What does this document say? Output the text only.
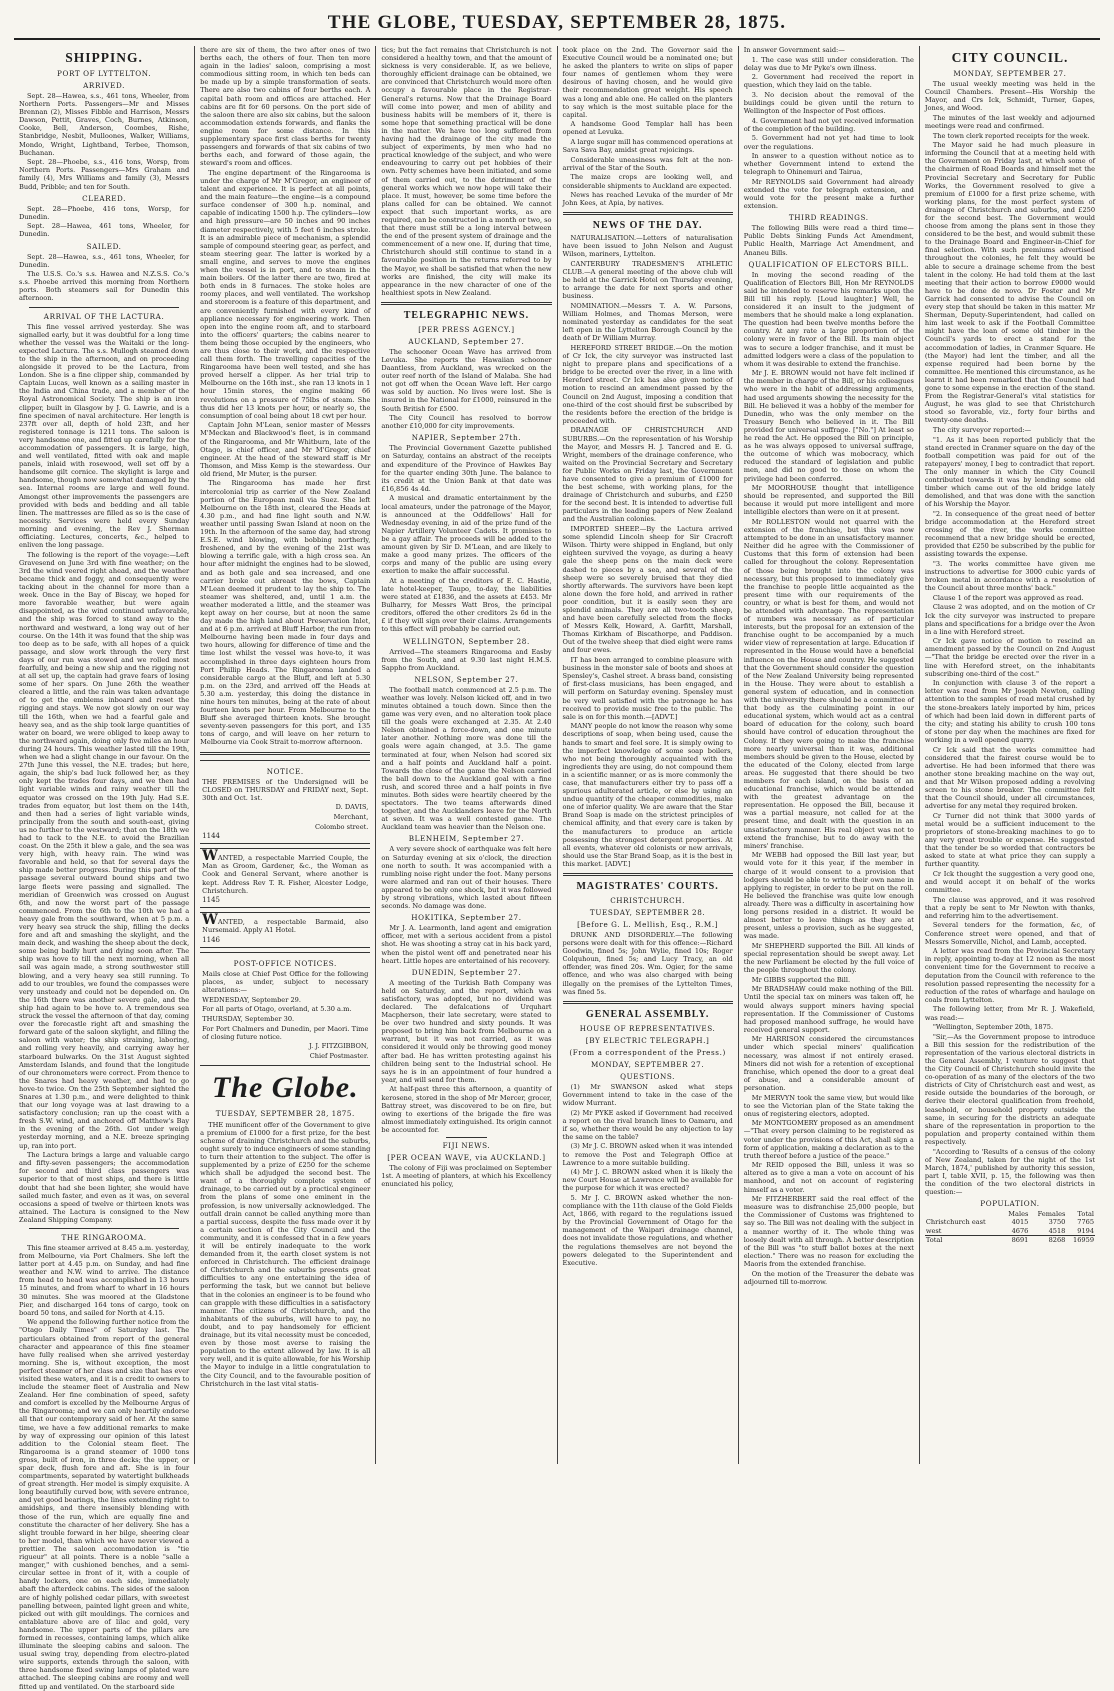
THE GLOBE, TUESDAY, SEPTEMBER 28, 1875.
SHIPPING.
PORT OF LYTTELTON.
ARRIVED.

Sept. 28—Hawea, s.s., 461 tons, Wheeler, from Northern Ports. Passengers—Mr and Misses Brennan (2), Misses Fibble and Harrison, Messrs Dawson, Pettit, Graves, Coch, Burnes, Atkinson, Cooke, Bell, Anderson, Coombes, Rishe, Stanbridge, Nesbit, Mulloones, Walker, Williams, Mondo, Wright, Lightband, Terbee, Thomson, Buchanan.

Sept. 28—Phoebe, s.s., 416 tons, Worsp, from Northern Ports. Passengers—Mrs Graham and family (4), Mrs Williams and family (3), Messrs Budd, Pribble; and ten for South.

CLEARED.

Sept. 28—Phoebe, 416 tons, Worsp, for Dunedin.

Sept. 28—Hawea, 461 tons, Wheeler, for Dunedin.

SAILED.

Sept. 28—Hawea, s.s., 461 tons, Wheeler, for Dunedin.

The U.S.S. Co.'s s.s. Hawea and N.Z.S.S. Co.'s s.s. Phoebe arrived this morning from Northern ports. Both steamers sail for Dunedin this afternoon.

ARRIVAL OF THE LACTURA.

This fine vessel arrived yesterday. She was signalled early, but it was doubtful for a long time whether the vessel was the Waitaki or the long-expected Lactura. The s.s. Mullogh steamed down to the ship in the afternoon, and on proceeding alongside it proved to be the Lactura, from London. She is a fine clipper ship, commanded by Captain Lucas, well known as a sailing master in the India and China trade, and a member of the Royal Astronomical Society. The ship is an iron clipper, built in Glasgow by J. G. Lawrie, and is a fine specimen of naval architecture. Her length is 237ft over all, depth of hold 23ft, and her registered tonnage is 1211 tons. The saloon is very handsome one, and fitted up carefully for the accommodation of passengers. It is large, high, and well ventilated, fitted with oak and maple panels, inlaid with rosewood, well set off by a handsome gilt cornice. The skylight is large and handsome, though now somewhat damaged by the sea. Internal rooms are large and well found. Amongst other improvements the passengers are provided with beds and bedding and all table linen. The mattresses are filled as so is the case of necessity. Services were held every Sunday morning and evening, the Rev J. Sherman officiating. Lectures, concerts, &c., helped to enliven the long passage.

The following is the report of the voyage:—Left Gravesend on June 3rd with fine weather; on the 3rd the wind veered right ahead, and the weather became thick and foggy, and consequently were tacking about in the channel for more than a week. Once in the Bay of Biscay, we hoped for more favorable weather, but were again disappointed, as the wind continued unfavorable, and the ship was forced to stand away to the northward and westward, a long way out of her course. On the 14th it was found that the ship was too deep as to be safe, with all hopes of a quick passage, and slow work through the very first days of our run was stowed and we rolled most fearfully, and being a new ship and the rigging not at all set up, the captain had grave fears of losing some of her spars. On June 26th the weather cleared a little, and the rain was taken advantage of to get the emblems inboard and reset the rigging and stays. We now got slowly on our way till the 16th, when we had a fearful gale and heavy sea, and as the ship took large quantities of water on board, we were obliged to keep away to the northward again, doing only five miles an hour during 24 hours. This weather lasted till the 19th, when we had a slight change in our favour. On the 27th June this vessel, the N.E. trades; but here, again, the ship's bad luck followed her, as they only kept the trades four days, and we then had light variable winds and rainy weather till the equator was crossed on the 19th July. Had S.E. trades from equator, but lost them on the 14th, and then had a series of light variable winds, principally from the south and south-east, giving us no further to the westward; that on the 18th we had to tack to the N.E. to avoid the Brazilian coast. On the 25th it blew a gale, and the sea was very high, with heavy rain. The wind was favorable and held, so that for several days the ship made better progress. During this part of the passage several outward bound ships and two large fleets were passing and signalled. The meridian of Greenwich was crossed on August 6th, and now the worst part of the passage commenced. From the 6th to the 10th we had a heavy gale from the southward, when at 5 p.m. a very heavy sea struck the ship, filling the decks fore and aft and smashing the skylight, and the main deck, and washing the sheep about the deck, some being badly hurt and dying soon after. The ship was hove to till the next morning, when all sail was again made, a strong southwester still blowing, and a very heavy sea still running. To add to our troubles, we found the compasses were very unsteady and could not be depended on. On the 16th there was another severe gale, and the ship had again to be hove to. A tremendous sea struck the vessel the afternoon of that day, coming over the forecastle right aft and smashing the forward gate of the saloon skylight, and filling the saloon with water; the ship straining, laboring, and rolling very heavily, and carrying away her starboard bulwarks. On the 31st August sighted Amsterdam Islands, and found that the longitude of our chronometers were correct. From thence to the Snares had heavy weather, and had to go hove-to twice. On the 25th September sighted the Snares at 1.30 p.m., and were delighted to think that our long voyage was at last drawing to a satisfactory conclusion; ran up the coast with a fresh S.W. wind, and anchored off Matthew's Bay in the evening of the 26th. Got under weigh yesterday morning, and a N.E. breeze springing up, ran into port.

The Lactura brings a large and valuable cargo and fifty-seven passengers; the accommodation for second and third class passengers was superior to that of most ships, and there is little doubt that had she been lighter, she would have sailed much faster, and even as it was, on several occasions a speed of twelve or thirteen knots was attained. The Lactura is consigned to the New Zealand Shipping Company.

THE RINGAROOMA.

This fine steamer arrived at 8.45 a.m. yesterday, from Melbourne, via Port Chalmers. She left the latter port at 4.45 p.m. on Sunday, and had fine weather and N.W. wind to arrive. The distance from head to head was accomplished in 13 hours 15 minutes, and from wharf to wharf in 16 hours 30 minutes. She was moored at the Gladstone Pier, and discharged 164 tons of cargo, took on board 50 tons, and sailed for North at 4.15.

We append the following further notice from the "Otago Daily Times" of Saturday last. The particulars obtained from report of the general character and appearance of this fine steamer have fully realised when she arrived yesterday morning. She is, without exception, the most perfect steamer of her class and size that has ever visited these waters, and it is a credit to owners to include the steamer fleet of Australia and New Zealand. Her fine combination of speed, safety and comfort is excelled by the Melbourne Argus of the Ringarooma; and we can only heartily endorse all that our contemporary said of her. At the same time, we have a few additional remarks to make by way of expressing our opinion of this latest addition to the Colonial steam fleet. The Ringarooma is a grand steamer of 1000 tons gross, built of iron, in three decks; the upper, or spar deck, flush fore and aft. She is in four compartments, separated by watertight bulkheads of great strength. Her model is simply exquisite. A long beautifully curved bow, with severe entrance, and yet good bearings, the lines extending right to amidships, and there insensibly blending with those of the run, which are equally fine and constitute the character of her delivery. She has a slight trouble forward in her bilge, sheering clear to her model, than which we have never viewed a prettier. The saloon accommodation is "tie rigueur" at all points. There is a noble "salle a manger," with cushioned benches, and a semi-circular settee in front of it, with a couple of handy lockers, one on each side, immediately abaft the afterdeck cabins. The sides of the saloon are of highly polished cedar pillars, with sweetest panelling between, painted light green and white, picked out with gilt mouldings. The cornices and entablature above are of lilac and gold, very handsome. The upper parts of the pillars are formed in recesses, containing lamps, which alike illuminate the sleeping cabins and saloon. The usual swing tray, depending from electro-plated wire supports, extends through the saloon, with three handsome fixed swing lamps of plated ware attached. The sleeping cabins are roomy and well fitted up and ventilated. On the starboard side

there are six of them, the two after ones of two berths each, the others of four. Then ten more again in the ladies' saloon, comprising a most commodious sitting room, in which ten beds can be made up by a simple transformation of seats. There are also two cabins of four berths each. A capital bath room and offices are attached. Her cabins are fit for 60 persons. On the port side of the saloon there are also six cabins, but the saloon accommodation extends forwards, and flanks the engine room for some distance. In this supplementary space first class berths for twenty passengers and forwards of that six cabins of two berths each, and forward of those again, the steward's room and offices.

The engine department of the Ringarooma is under the charge of Mr M'Gregor, an engineer of talent and experience. It is perfect at all points, and the main feature—the engine—is a compound surface condenser of 300 h.p. nominal, and capable of indicating 1500 h.p. The cylinders—low and high pressure—are 50 inches and 90 inches diameter respectively, with 5 feet 6 inches stroke. It is an admirable piece of mechanism, a splendid sample of compound steering gear, as perfect, and steam steering gear. The latter is worked by a small engine, and serves to move the engines when the vessel is in port, and to steam in the main boilers. Of the latter there are two, fired at both ends in 8 furnaces. The stoke holes are roomy places, and well ventilated. The workshop and storeroom is a feature of this department, and are conveniently furnished with every kind of appliance necessary for engineering work. Then open into the engine room aft, and to starboard into the officers' quarters; the cabins nearer to them being those occupied by the engineers, who are thus close to their work, and the respective call them forth. The travelling capacities of the Ringarooma have been well tested, and she has proved herself a clipper. As her trial trip to Melbourne on the 16th inst., she ran 13 knots in 1 hour 15min stores, the engine making 66 revolutions on a pressure of 75lbs of steam. She thus did her 13 knots per hour, or nearly so, the consumption of coal being about 18 cwt per hour.

Captain John M'Lean, senior master of Messrs M'Meckan and Blackwood's fleet, is in command of the Ringarooma, and Mr Whitburn, late of the Otago, is chief officer, and Mr M'Gregor, chief engineer. At the head of the steward staff is Mr Thomson, and Miss Kemp is the stewardess. Our old friend, Mr Muter, is the purser.

The Ringarooma has made her first intercolonial trip as carrier of the New Zealand portion of the European mail via Suez. She left Melbourne on the 18th inst, cleared the Heads at 4.30 p.m., and had fine light south and N.W. weather until passing Swan Island at noon on the 19th. In the afternoon of the same day, had strong E.S.E. wind blowing, with bobbing northerly, freshened, and by the evening of the 21st was blowing a terrific gale, with a high cross sea. An hour after midnight the engines had to be slowed, and as both gale and sea increased, and one carrier broke out abreast the bows, Captain M'Lean deemed it prudent to lay the ship to. The steamer was sheltered, and, until 1 a.m. the weather moderated a little, and the steamer was kept away on her course, but at noon the same day made the high land about Preservation Inlet, and at 6 p.m. arrived at Bluff Harbor, the run from Melbourne having been made in four days and two hours, allowing for difference of time and the time lost whilst the vessel was hove-to, it was accomplished in three days eighteen hours from Port Phillip Heads. The Ringarooma landed a considerable cargo at the Bluff, and left at 5.30 p.m. on the 23rd, and arrived off the Heads at 5.30 a.m. yesterday, this doing the distance in nine hours ten minutes, being at the rate of about fourteen knots per hour. From Melbourne to the Bluff she averaged thirteen knots. She brought seventy-seven passengers for this port, and 135 tons of cargo, and will leave on her return to Melbourne via Cook Strait to-morrow afternoon.

NOTICE.

THE PREMISES of the Undersigned will be CLOSED on THURSDAY and FRIDAY next, Sept. 30th and Oct. 1st.

D. DAVIS,

Merchant,

Colombo street.

1144

WANTED, a respectable Married Couple, the Man as Groom, Gardener, &c., the Woman as Cook and General Servant, where another is kept. Address Rev T. R. Fisher, Alcester Lodge, Christchurch.

1145

WANTED, a respectable Barmaid, also Nursemaid. Apply A1 Hotel.

1146
POST-OFFICE NOTICES.

Mails close at Chief Post Office for the following places, as under, subject to necessary alterations:—

WEDNESDAY, September 29.

For all parts of Otago, overland, at 5.30 a.m.

THURSDAY, September 30.

For Port Chalmers and Dunedin, per Maori. Time of closing future notice.

J. J. FITZGIBBON,

Chief Postmaster.

The Globe.
TUESDAY, SEPTEMBER 28, 1875.

THE munificent offer of the Government to give a premium of £1000 for a first prize, for the best scheme of draining Christchurch and the suburbs, ought surely to induce engineers of some standing to turn their attention to the subject. The offer is supplemented by a prize of £250 for the scheme which shall be adjudged the second best. The want of a thoroughly complete system of drainage, to be carried out by a practical engineer from the plans of some one eminent in the profession, is now universally acknowledged. The outfall drain cannot be called anything more than a partial success, despite the fuss made over it by a certain section of the City Council and the community, and it is confessed that in a few years it will be entirely inadequate to the work demanded from it, the earth closet system is not enforced in Christchurch. The efficient drainage of Christchurch and the suburbs presents great difficulties to any one entertaining the idea of performing the task, but we cannot but believe that in the colonies an engineer is to be found who can grapple with these difficulties in a satisfactory manner. The citizens of Christchurch, and the inhabitants of the suburbs, will have to pay, no doubt, and to pay handsomely for efficient drainage, but its vital necessity must be conceded, even by those most averse to raising the population to the extent allowed by law. It is all very well, and it is quite allowable, for his Worship the Mayor to indulge in a little congratulation to the City Council, and to the favourable position of Christchurch in the last vital statis-

tics; but the fact remains that Christchurch is not considered a healthy town, and that the amount of sickness is very considerable. If, as we believe, thoroughly efficient drainage can be obtained, we are convinced that Christchurch would more often occupy a favourable place in the Registrar-General's returns. Now that the Drainage Board will come into power, and men of ability and business habits will be members of it, there is some hope that something practical will be done in the matter. We have too long suffered from having had the drainage of the city made the subject of experiments, by men who had no practical knowledge of the subject, and who were endeavouring to carry out pet hobbies of their own. Petty schemes have been initiated, and some of them carried out, to the detriment of the general works which we now hope will take their place. It must, however, be some time before the plans called for can be obtained. We cannot expect that such important works, as are required, can be constructed in a month or two, so that there must still be a long interval between the end of the present system of drainage and the commencement of a new one. If, during that time, Christchurch should still continue to stand in a favourable position in the returns referred to by the Mayor, we shall be satisfied that when the new works are finished, the city will make its appearance in the new character of one of the healthiest spots in New Zealand.

TELEGRAPHIC NEWS.
[PER PRESS AGENCY.]
AUCKLAND, September 27.

The schooner Ocean Wave has arrived from Levuka. She reports the Hawaiian schooner Daantless, from Auckland, was wrecked on the outer reef north of the Island of Malaba. She had not got off when the Ocean Wave left. Her cargo was sold by auction. No lives were lost. She is insured in the National for £1000, reinsured in the South British for £500.

The City Council has resolved to borrow another £10,000 for city improvements.

NAPIER, September 27th.

The Provincial Government Gazette published on Saturday, contains an abstract of the receipts and expenditure of the Province of Hawkes Bay for the quarter ending 30th June. The balance to its credit at the Union Bank at that date was £16,856 4s 4d.

A musical and dramatic entertainment by the local amateurs, under the patronage of the Mayor, is announced at the Oddfellows' Hall for Wednesday evening, in aid of the prize fund of the Napier Artillery Volunteer Cadets. It promises to be a gay affair. The proceeds will be added to the amount given by Sir D. M'Lean, and are likely to make a good many prizes. The officers of the corps and many of the public are using every exertion to make the affair successful.

At a meeting of the creditors of E. C. Hastie, late hotel-keeper, Taupo, to-day, the liabilities were stated at £1836, and the assets at £453. Mr Bulharry, for Messrs Watt Bros, the principal creditors, offered the other creditors 2s 6d in the £ if they will sign over their claims. Arrangements to this effect will probably be carried out.

WELLINGTON, September 28.

Arrived—The steamers Ringarooma and Easby from the South, and at 9.30 last night H.M.S. Sappho from Auckland.

NELSON, September 27.

The football match commenced at 2.5 p.m. The weather was lovely. Nelson kicked off, and in two minutes obtained a touch down. Since then the game was very even, and no alteration took place till the goals were exchanged at 2.35. At 2.40 Nelson obtained a force-down, and one minute later another. Nothing more was done till the goals were again changed, at 3.5. The game terminated at four, when Nelson had scored six and a half points and Auckland half a point. Towards the close of the game the Nelson carried the ball down to the Auckland goal with a fine rush, and scored three and a half points in five minutes. Both sides were heartily cheered by the spectators. The two teams afterwards dined together, and the Aucklanders leave for the North at seven. It was a well contested game. The Auckland team was heavier than the Nelson one.

BLENHEIM, September 27.

A very severe shock of earthquake was felt here on Saturday evening at six o'clock, the direction one north to south. It was accompanied with a rumbling noise right under the foot. Many persons were alarmed and ran out of their houses. There appeared to be only one shock, but it was followed by strong vibrations, which lasted about fifteen seconds. No damage was done.

HOKITIKA, September 27.

Mr J. A. Learmonth, land agent and emigration officer, met with a serious accident from a pistol shot. He was shooting a stray cat in his back yard, when the pistol went off and penetrated near his heart. Little hopes are entertained of his recovery.

DUNEDIN, September 27.

A meeting of the Turkish Bath Company was held on Saturday, and the report, which was satisfactory, was adopted, but no dividend was declared. The defalcations of Urquhart Macpherson, their late secretary, were stated to be over two hundred and sixty pounds. It was proposed to bring him back from Melbourne on a warrant, but it was not carried, as it was considered it would only be throwing good money after bad. He has written protesting against his children being sent to the Industrial school. He says he is in an appointment of four hundred a year, and will send for them.

At half-past three this afternoon, a quantity of kerosene, stored in the shop of Mr Mercer, grocer, Battray street, was discovered to be on fire, but owing to exertions of the brigade the fire was almost immediately extinguished. Its origin cannot be accounted for.

FIJI NEWS.
[PER OCEAN WAVE, via AUCKLAND.]

The colony of Fiji was proclaimed on September 1st. A meeting of planters, at which his Excellency enunciated his policy,

took place on the 2nd. The Governor said the Executive Council would be a nominated one; but he asked the planters to write on slips of paper four names of gentlemen whom they were desirous of having chosen, and he would give their recommendation great weight. His speech was a long and able one. He called on the planters to say which is the most suitable place for the capital.

A handsome Good Templar hall has been opened at Levuka.

A large sugar mill has commenced operations at Sava Sava Bay, amidst great rejoicings.

Considerable uneasiness was felt at the non-arrival of the Star of the South.

The maize crops are looking well, and considerable shipments to Auckland are expected.

News has reached Levuka of the murder of Mr John Kees, at Apia, by natives.

NEWS OF THE DAY.

NATURALISATION.—Letters of naturalisation have been issued to John Nelson and August Wilson, mariners, Lyttelton.

CANTERBURY TRADESMEN'S ATHLETIC CLUB.—A general meeting of the above club will be held at the Garrick Hotel on Thursday evening, to arrange the date for next sports and other business.

NOMINATION.—Messrs T. A. W. Parsons, William Holmes, and Thomas Merson, were nominated yesterday as candidates for the seat left open in the Lyttelton Borough Council by the death of Dr William Murray.

HEREFORD STREET BRIDGE.—On the motion of Cr Ick, the city surveyor was instructed last night to prepare plans and specifications of a bridge to be erected over the river, in a line with Hereford street. Cr Ick has also given notice of motion to rescind an amendment passed by the Council on 2nd August, imposing a condition that one-third of the cost should first be subscribed by the residents before the erection of the bridge is proceeded with.

DRAINAGE OF CHRISTCHURCH AND SUBURBS.—On the representation of his Worship the Mayor, and Messrs H. J. Tancred and E. G. Wright, members of the drainage conference, who waited on the Provincial Secretary and Secretary for Public Works on Friday last, the Government have consented to give a premium of £1000 for the best scheme, with working plans, for the drainage of Christchurch and suburbs, and £250 for the second best. It is intended to advertise full particulars in the leading papers of New Zealand and the Australian colonies.

IMPORTED SHEEP.—By the Lactura arrived some splendid Lincoln sheep for Sir Cracroft Wilson. Thirty were shipped in England, but only eighteen survived the voyage, as during a heavy gale the sheep pens on the main deck were dashed to pieces by a sea, and several of the sheep were so severely bruised that they died shortly afterwards. The survivors have been kept alone down the fore hold, and arrived in rather poor condition, but it is easily seen they are splendid animals. They are all two-tooth sheep, and have been carefully selected from the flocks of Messrs Kelk, Howard, A. Garfitt, Marshall, Thomas Kirkham of Biscathorpe, and Paddison. Out of the twelve sheep that died eight were rams and four ewes.

IT has been arranged to combine pleasure with business in the monster sale of boots and shoes at Spensley's, Cashel street. A brass band, consisting of first-class musicians, has been engaged, and will perform on Saturday evening. Spensley must be very well satisfied with the patronage he has received to provide music free to the public. The sale is on for this month.—[ADVT.]

MANY people do not know the reason why some descriptions of soap, when being used, cause the hands to smart and feel sore. It is simply owing to the imperfect knowledge of some soap boilers, who not being thoroughly acquainted with the ingredients they are using, do not compound them in a scientific manner, or as is more commonly the case, that manufacturers either try to pass off a spurious adulterated article, or else by using an undue quantity of the cheaper commodities, make one of inferior quality. We are aware that the Star Brand Soap is made on the strictest principles of chemical affinity, and that every care is taken by the manufacturers to produce an article possessing the strongest detergent properties. At all events, whatever old colonists or new arrivals, should use the Star Brand Soap, as it is the best in this market. [ADVT.]

MAGISTRATES' COURTS.
CHRISTCHURCH.
TUESDAY, SEPTEMBER 28.
[Before G. L. Mellish, Esq., R.M.]

DRUNK AND DISORDERLY.—The following persons were dealt with for this offence:—Richard Goodwin, fined 5s; John Wylie, fined 10s; Roger Colquhoun, fined 5s; and Lucy Tracy, an old offender, was fined 20s. Wm. Ogier, for the same offence, and who was also charged with being illegally on the premises of the Lyttelton Times, was fined 5s.

GENERAL ASSEMBLY.
HOUSE OF REPRESENTATIVES.
[BY ELECTRIC TELEGRAPH.]
(From a correspondent of the Press.)
MONDAY, SEPTEMBER 27.
QUESTIONS.

(1) Mr SWANSON asked what steps Government intend to take in the case of the widow Murrant.

(2) Mr PYKE asked if Government had received a report on the rival branch lines to Oamaru, and if so, whether there would be any objection to lay the same on the table?

(3) Mr J. C. BROWN asked when it was intended to remove the Post and Telegraph Office at Lawrence to a more suitable building.

(4) Mr J. C. BROWN asked when it is likely the new Court House at Lawrence will be available for the purpose for which it was erected?

5. Mr J. C. BROWN asked whether the non-compliance with the 11th clause of the Gold Fields Act, 1866, with regard to the regulations issued by the Provincial Government of Otago for the management of the Waipari drainage channel, does not invalidate those regulations, and whether the regulations themselves are not beyond the powers delegated to the Superintendent and Executive.

In answer Government said:—

1. The case was still under consideration. The delay was due to Mr Pyke's own illness.

2. Government had received the report in question, which they laid on the table.

3. No decision about the removal of the buildings could be given until the return to Wellington of the Inspector of Post offices.

4. Government had not yet received information of the completion of the building.

5. Government had not yet had time to look over the regulations.

In answer to a question without notice as to whether Government intend to extend the telegraph to Ohinemuri and Tairua,

Mr REYNOLDS said Government had already extended the vote for telegraph extension, and would vote for the present make a further extension.

THIRD READINGS.

The following Bills were read a third time—Public Debts Sinking Funds Act Amendment, Public Health, Marriage Act Amendment, and Ananeu Bills.

QUALIFICATION OF ELECTORS BILL.

In moving the second reading of the Qualification of Electors Bill, Hon Mr REYNOLDS said he intended to reserve his remarks upon the Bill till his reply. [Loud laughter.] Well, he considered it an insult to the judgment of members that he should make a long explanation. The question had been twelve months before the country. At any rate a large proportion of the colony were in favor of the Bill. Its main object was to secure a lodger franchise, and it must be admitted lodgers were a class of the population to whom it was desirable to extend the franchise.

Mr J. E. BROWN would not have felt inclined if the member in charge of the Bill, or his colleagues who were in the habit of addressing arguments, had used arguments showing the necessity for the Bill. He believed it was a hobby of the member for Dunedin, who was the only member on the Treasury Bench who believed in it. The Bill provided for universal suffrage. ["No."] At least so he read the Act. He opposed the Bill on principle, as he was always opposed to universal suffrage, the outcome of which was mobocracy, which reduced the standard of legislation and public men, and did no good to those on whom the privilege had been conferred.

Mr MOORHOUSE thought that intelligence should be represented, and supported the Bill because it would put more intelligent and more intelligible electors than were on it at present.

Mr ROLLESTON would not quarrel with the extension of the franchise, but this was now attempted to be done in an unsatisfactory manner. Neither did he agree with the Commissioner of Customs that this form of extension had been called for throughout the colony. Representation of those being brought into the colony was necessary, but this proposed to immediately give the franchise to people little acquainted as the present time with our requirements of the country, or what is best for them, and would not be attended with advantage. The representation of numbers was necessary as of particular interests, but the proposal for an extension of the franchise ought to be accompanied by a much wider view of representation at large. Education if represented in the House would have a beneficial influence on the House and country. He suggested that the Government should consider the question of the New Zealand University being represented in the House. They were about to establish a general system of education, and in connection with the university there should be a committee of that body as the culminating point in our educational system, which would act as a central board of education for the colony, such board should have control of education throughout the Colony. If they were going to make the franchise more nearly universal than it was, additional members should be given to the House, elected by the educated of the Colony, elected from large areas. He suggested that there should be two members for each island, on the basis of an educational franchise, which would be attended with the greatest advantage on the representation. He opposed the Bill, because it was a partial measure, not called for at the present time, and dealt with the question in an unsatisfactory manner. His real object was not to extend the franchise, but to do away with the miners' franchise.

Mr WEBB had opposed the Bill last year, but would vote for it this year, if the member in charge of it would consent to a provision that lodgers should be able to write their own name in applying to register, in order to be put on the roll. He believed the franchise was quite low enough already. There was a difficulty in ascertaining how long persons resided in a district. It would be almost better to leave things as they are at present, unless a provision, such as he suggested, was made.

Mr SHEPHERD supported the Bill. All kinds of special representation should be swept away. Let the new Parliament be elected by the full voice of the people throughout the colony.

Mr GIBBS supported the Bill.

Mr BRADSHAW could make nothing of the Bill. Until the special tax on miners was taken off, he would always support miners having special representation. If the Commissioner of Customs had proposed manhood suffrage, he would have received general support.

Mr HARRISON considered the circumstances under which special miners' qualification necessary, was almost if not entirely erased. Miners did not wish for a retention of exceptional franchise, which opened the door to a great deal of abuse, and a considerable amount of personation.

Mr MERVYN took the same view, but would like to see the Victorian plan of the State taking the onus of registering electors, adopted.

Mr MONTGOMERY proposed as an amendment—"That every person claiming to be registered as voter under the provisions of this Act, shall sign a form of application, making a declaration as to the truth thereof before a justice of the peace."

Mr REID opposed the Bill, unless it was so altered as to give a man a vote on account of his manhood, and not on account of registering himself as a voter.

Mr FITZHERBERT said the real effect of the measure was to disfranchise 25,000 people, but the Commissioner of Customs was frightened to say so. The Bill was not dealing with the subject in a manner worthy of it. The whole thing was loosely dealt with all through. A better description of the Bill was "to stuff ballot boxes at the next election." There was no reason for excluding the Maoris from the extended franchise.

On the motion of the Treasurer the debate was adjourned till to-morrow.

CITY COUNCIL.
MONDAY, SEPTEMBER 27.

The usual weekly meeting was held in the Council Chambers. Present—His Worship the Mayor, and Crs Ick, Schmidt, Turner, Gapes, Jones, and Wood.

The minutes of the last weekly and adjourned meetings were read and confirmed.

The town clerk reported receipts for the week.

The Mayor said he had much pleasure in informing the Council that at a meeting held with the Government on Friday last, at which some of the chairmen of Road Boards and himself met the Provincial Secretary and Secretary for Public Works, the Government resolved to give a premium of £1000 for a first prize scheme, with working plans, for the most perfect system of drainage of Christchurch and suburbs, and £250 for the second best. The Government would choose from among the plans sent in those they considered to be the best, and would submit these to the Drainage Board and Engineer-in-Chief for final selection. With such premiums advertised throughout the colonies, he felt they would be able to secure a drainage scheme from the best talent in the colony. He had told them at the last meeting that their action to borrow £9000 would have to be done de novo. Dr Foster and Mr Garrick had consented to advise the Council on every step that should be taken in this matter. Mr Sherman, Deputy-Superintendent, had called on him last week to ask if the Football Committee might have the loan of some old timber in the Council's yards to erect a stand for the accommodation of ladies, in Cranmer Square. He (the Mayor) had lent the timber, and all the expense required had been borne by the committee. He mentioned this circumstance, as he learnt it had been remarked that the Council had gone to some expense in the erection of the stand. From the Registrar-General's vital statistics for August, he was glad to see that Christchurch stood so favorable, viz., forty four births and twenty-one deaths.

The city surveyor reported:—

"1. As it has been reported publicly that the stand erected in Cranmer square on the day of the football competition was paid for out of the ratepayers' money, I beg to contradict that report. The only manner in which the City Council contributed towards it was by lending some old timber which came out of the old bridge lately demolished, and that was done with the sanction of his Worship the Mayor.

"2. In consequence of the great need of better bridge accommodation at the Hereford street crossing of the river, the works committee recommend that a new bridge should be erected, provided that £250 be subscribed by the public for assisting towards the expense.

"3. The works committee have given me instructions to advertise for 3000 cubic yards of broken metal in accordance with a resolution of the Council about three months' back."

Clause 1 of the report was approved as read.

Clause 2 was adopted, and on the motion of Cr Ick the city surveyor was instructed to prepare plans and specifications for a bridge over the Avon in a line with Hereford street.

Cr Ick gave notice of motion to rescind an amendment passed by the Council on 2nd August—"That the bridge be erected over the river in a line with Hereford street, on the inhabitants subscribing one-third of the cost."

In conjunction with clause 3 of the report a letter was read from Mr Joseph Newton, calling attention to the samples of road metal crushed by the stone-breakers lately imported by him, prices of which had been laid down in different parts of the city; and stating his ability to crush 100 tons of stone per day when the machines are fixed for working in a well opened quarry.

Cr Ick said that the works committee had considered that the fairest course would be to advertise. He had been informed that there was another stone breaking machine on the way out, and that Mr Wilson proposed adding a revolving screen to his stone breaker. The committee felt that the Council should, under all circumstances, advertise for any metal they required broken.

Cr Turner did not think that 3000 yards of metal would be a sufficient inducement to the proprietors of stone-breaking machines to go to any very great trouble or expense. He suggested that the tender be so worded that contractors be asked to state at what price they can supply a further quantity.

Cr Ick thought the suggestion a very good one, and would accept it on behalf of the works committee.

The clause was approved, and it was resolved that a reply be sent to Mr Newton with thanks, and referring him to the advertisement.

Several tenders for the formation, &c, of Conference street were opened, and that of Messrs Somerville, Nichol, and Lamb, accepted.

A letter was read from the Provincial Secretary in reply, appointing to-day at 12 noon as the most convenient time for the Government to receive a deputation from the Council with reference to the resolution passed representing the necessity for a reduction of the rates of wharfage and haulage on coals from Lyttelton.

The following letter, from Mr R. J. Wakefield, was read:—

"Wellington, September 20th, 1875.

"Sir,—As the Government propose to introduce a Bill this session for the redistribution of the representation of the various electoral districts in the General Assembly, I venture to suggest that the City Council of Christchurch should invite the co-operation of as many of the electors of the two districts of City of Christchurch east and west, as reside outside the boundaries of the borough, or derive their electoral qualification from freehold, leasehold, or household property outside the same, in securing for the districts an adequate share of the representation in proportion to the population and property contained within them respectively.

"According to 'Results of a census of the colony of New Zealand, taken for the night of the 1st March, 1874,' published by authority this session, part I, table XVII, p. 15, the following was then the condition of the two electoral districts in question:—

POPULATION.
	Males	Females	Total
Christchurch east	4015	3750	7765
west	4676	4518	9194
Total	8691	8268	16959
